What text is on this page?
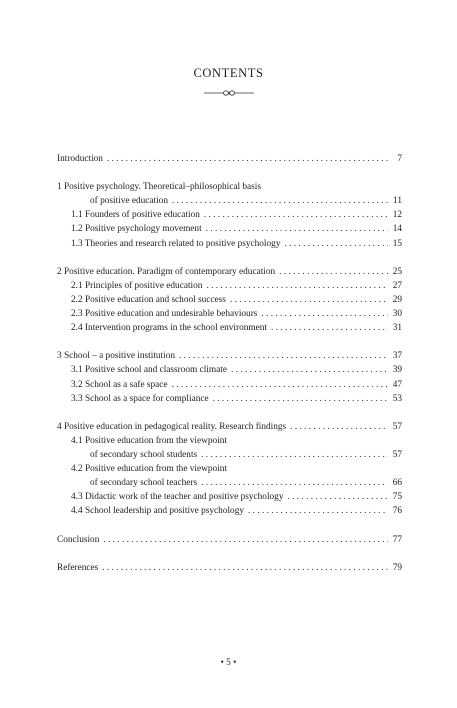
CONTENTS
Introduction . . .	7
1 Positive psychology. Theoretical–philosophical basis
of positive education . . .	11
1.1 Founders of positive education . . .	12
1.2 Positive psychology movement . . .	14
1.3 Theories and research related to positive psychology . . .	15
2 Positive education. Paradigm of contemporary education . . .	25
2.1 Principles of positive education . . .	27
2.2 Positive education and school success . . .	29
2.3 Positive education and undesirable behaviours . . .	30
2.4 Intervention programs in the school environment . . .	31
3 School – a positive institution . . .	37
3.1 Positive school and classroom climate . . .	39
3.2 School as a safe space . . .	47
3.3 School as a space for compliance . . .	53
4 Positive education in pedagogical reality. Research findings . . .	57
4.1 Positive education from the viewpoint
of secondary school students . . .	57
4.2 Positive education from the viewpoint
of secondary school teachers . . .	66
4.3 Didactic work of the teacher and positive psychology . . .	75
4.4 School leadership and positive psychology . . .	76
Conclusion . . .	77
References . . .	79
• 5 •
